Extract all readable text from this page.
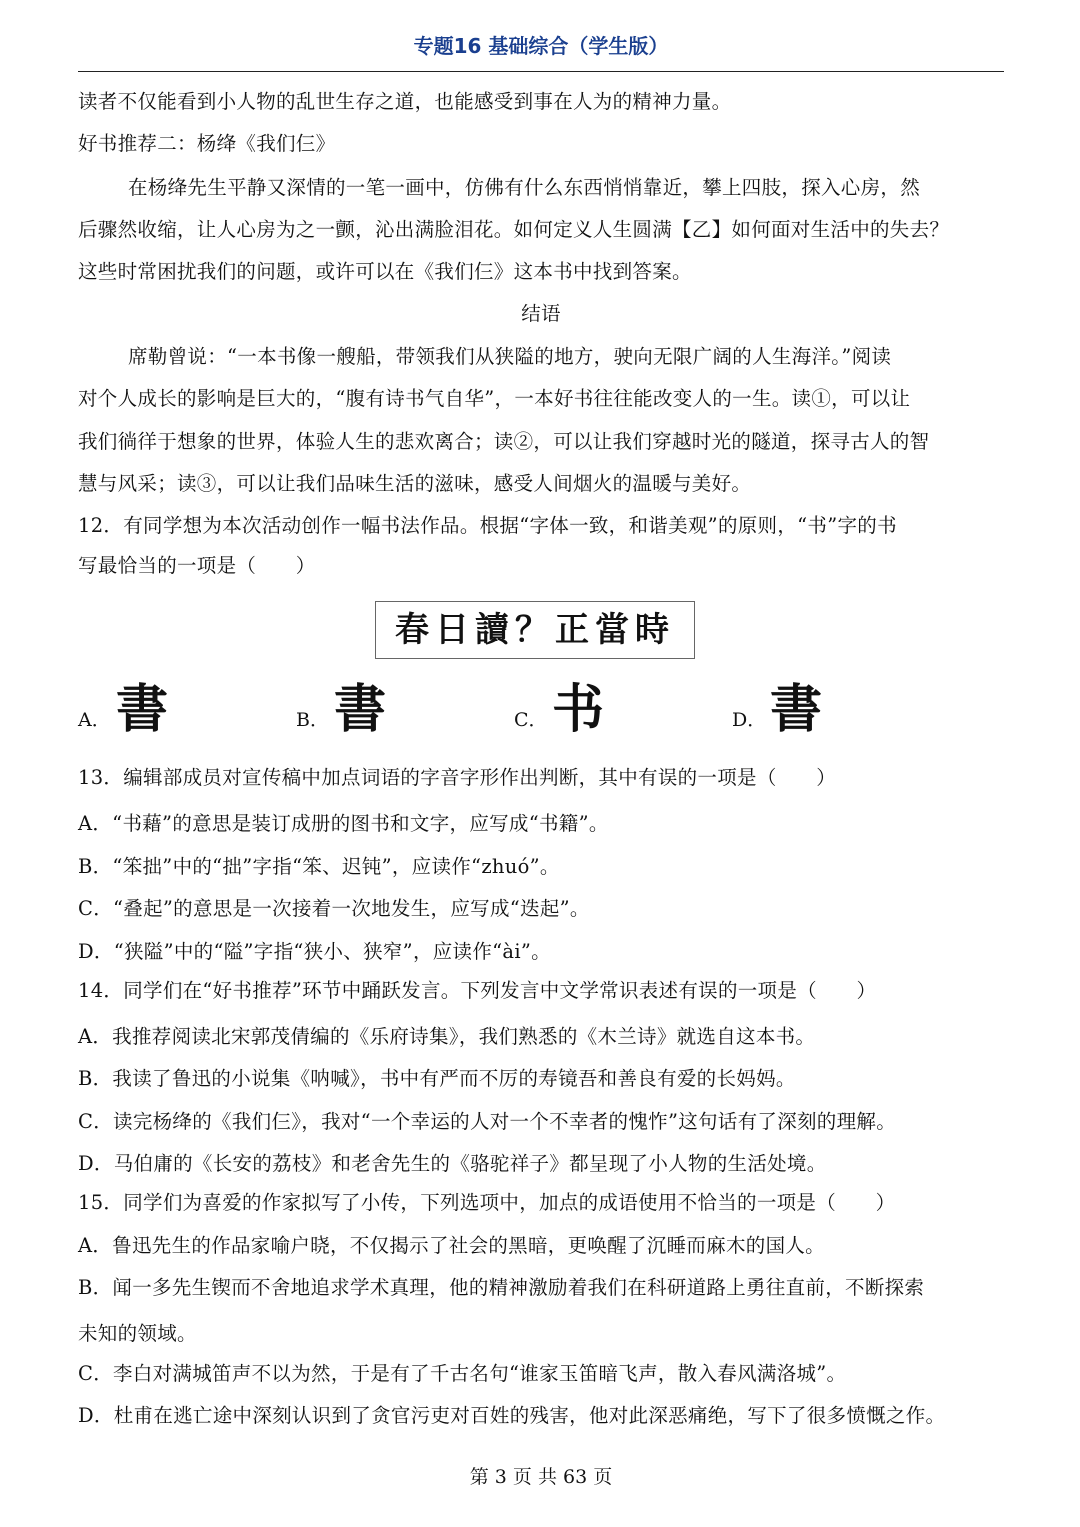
专题16 基础综合（学生版）
读者不仅能看到小人物的乱世生存之道，也能感受到事在人为的精神力量。
好书推荐二：杨绛《我们仨》
在杨绛先生平静又深情的一笔一画中，仿佛有什么东西悄悄靠近，攀上四肢，探入心房，然
后骤然收缩，让人心房为之一颤，沁出满脸泪花。如何定义人生圆满【乙】如何面对生活中的失去？
这些时常困扰我们的问题，或许可以在《我们仨》这本书中找到答案。
结语
席勒曾说：“一本书像一艘船，带领我们从狭隘的地方，驶向无限广阔的人生海洋。”阅读
对个人成长的影响是巨大的，“腹有诗书气自华”，一本好书往往能改变人的一生。读①，可以让
我们徜徉于想象的世界，体验人生的悲欢离合；读②，可以让我们穿越时光的隧道，探寻古人的智
慧与风采；读③，可以让我们品味生活的滋味，感受人间烟火的温暖与美好。
12．有同学想为本次活动创作一幅书法作品。根据“字体一致，和谐美观”的原则，“书”字的书
写最恰当的一项是（　　）
13．编辑部成员对宣传稿中加点词语的字音字形作出判断，其中有误的一项是（　　）
A．“书藉”的意思是装订成册的图书和文字，应写成“书籍”。
B．“笨拙”中的“拙”字指“笨、迟钝”，应读作“zhuó”。
C．“叠起”的意思是一次接着一次地发生，应写成“迭起”。
D．“狭隘”中的“隘”字指“狭小、狭窄”，应读作“ài”。
14．同学们在“好书推荐”环节中踊跃发言。下列发言中文学常识表述有误的一项是（　　）
A．我推荐阅读北宋郭茂倩编的《乐府诗集》，我们熟悉的《木兰诗》就选自这本书。
B．我读了鲁迅的小说集《呐喊》，书中有严而不厉的寿镜吾和善良有爱的长妈妈。
C．读完杨绛的《我们仨》，我对“一个幸运的人对一个不幸者的愧怍”这句话有了深刻的理解。
D．马伯庸的《长安的荔枝》和老舍先生的《骆驼祥子》都呈现了小人物的生活处境。
15．同学们为喜爱的作家拟写了小传，下列选项中，加点的成语使用不恰当的一项是（　　）
A．鲁迅先生的作品家喻户晓，不仅揭示了社会的黑暗，更唤醒了沉睡而麻木的国人。
B．闻一多先生锲而不舍地追求学术真理，他的精神激励着我们在科研道路上勇往直前，不断探索
未知的领域。
C．李白对满城笛声不以为然，于是有了千古名句“谁家玉笛暗飞声，散入春风满洛城”。
D．杜甫在逃亡途中深刻认识到了贪官污吏对百姓的残害，他对此深恶痛绝，写下了很多愤慨之作。
春日讀？正當時
A． 書	B． 書	C． 书	D． 書
第 3 页 共 63 页
